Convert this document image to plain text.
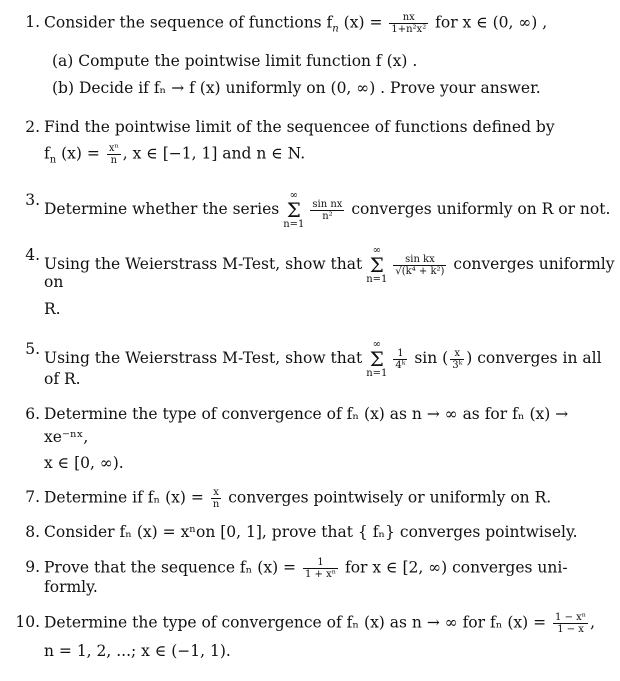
1. Consider the sequence of functions $f_n$ $(x) = \frac{nx}{\text{1+n²x²}}$ for x ∈ (0, ∞) ,
(a) Compute the pointwise limit function f (x) .
(b) Decide if fₙ → f (x) uniformly on (0, ∞) . Prove your answer.
2. Find the pointwise limit of the sequencee of functions defined by
$f_n$ $(x) = \frac{\text{xⁿ}}{n}$ , x ∈ [−1, 1] and n ∈ N.
3. Determine whether the series∞
Σ
n=1
$\frac{\text{sin nx}}{\text{n²}}$ converges uniformly on R or not.
4. Using the Weierstrass M-Test, show that∞
Σ
n=1
$\frac{\text{sin kx}}{\text{√(k⁴ + k²)}}$ converges uniformly
on
R.
5. Using the Weierstrass M-Test, show that∞
Σ
n=1
$\frac{1}{\text{4ᵏ}}$ sin ( $\frac{x}{\text{3ᵏ}}$ ) converges in all
of R.
6. Determine the type of convergence of fₙ (x) as n → ∞ as for fₙ (x) →
xe⁻ⁿˣ,
x ∈ [0, ∞).
7. Determine if fₙ $(x) = \frac{x}{n}$ converges pointwisely or uniformly on R.
8. Consider fₙ (x) = xⁿon [0, 1], prove that { fₙ} converges pointwisely.
9. Prove that the sequence fₙ $(x) = \frac{1}{\text{1 + xⁿ}}$ for x ∈ [2, ∞) converges uni-
formly.
10. Determine the type of convergence of fₙ (x) as n → ∞ for fₙ $(x) = \frac{\text{1 − xⁿ}}{1 - x}$ ,
n = 1, 2, ...; x ∈ (−1, 1).
